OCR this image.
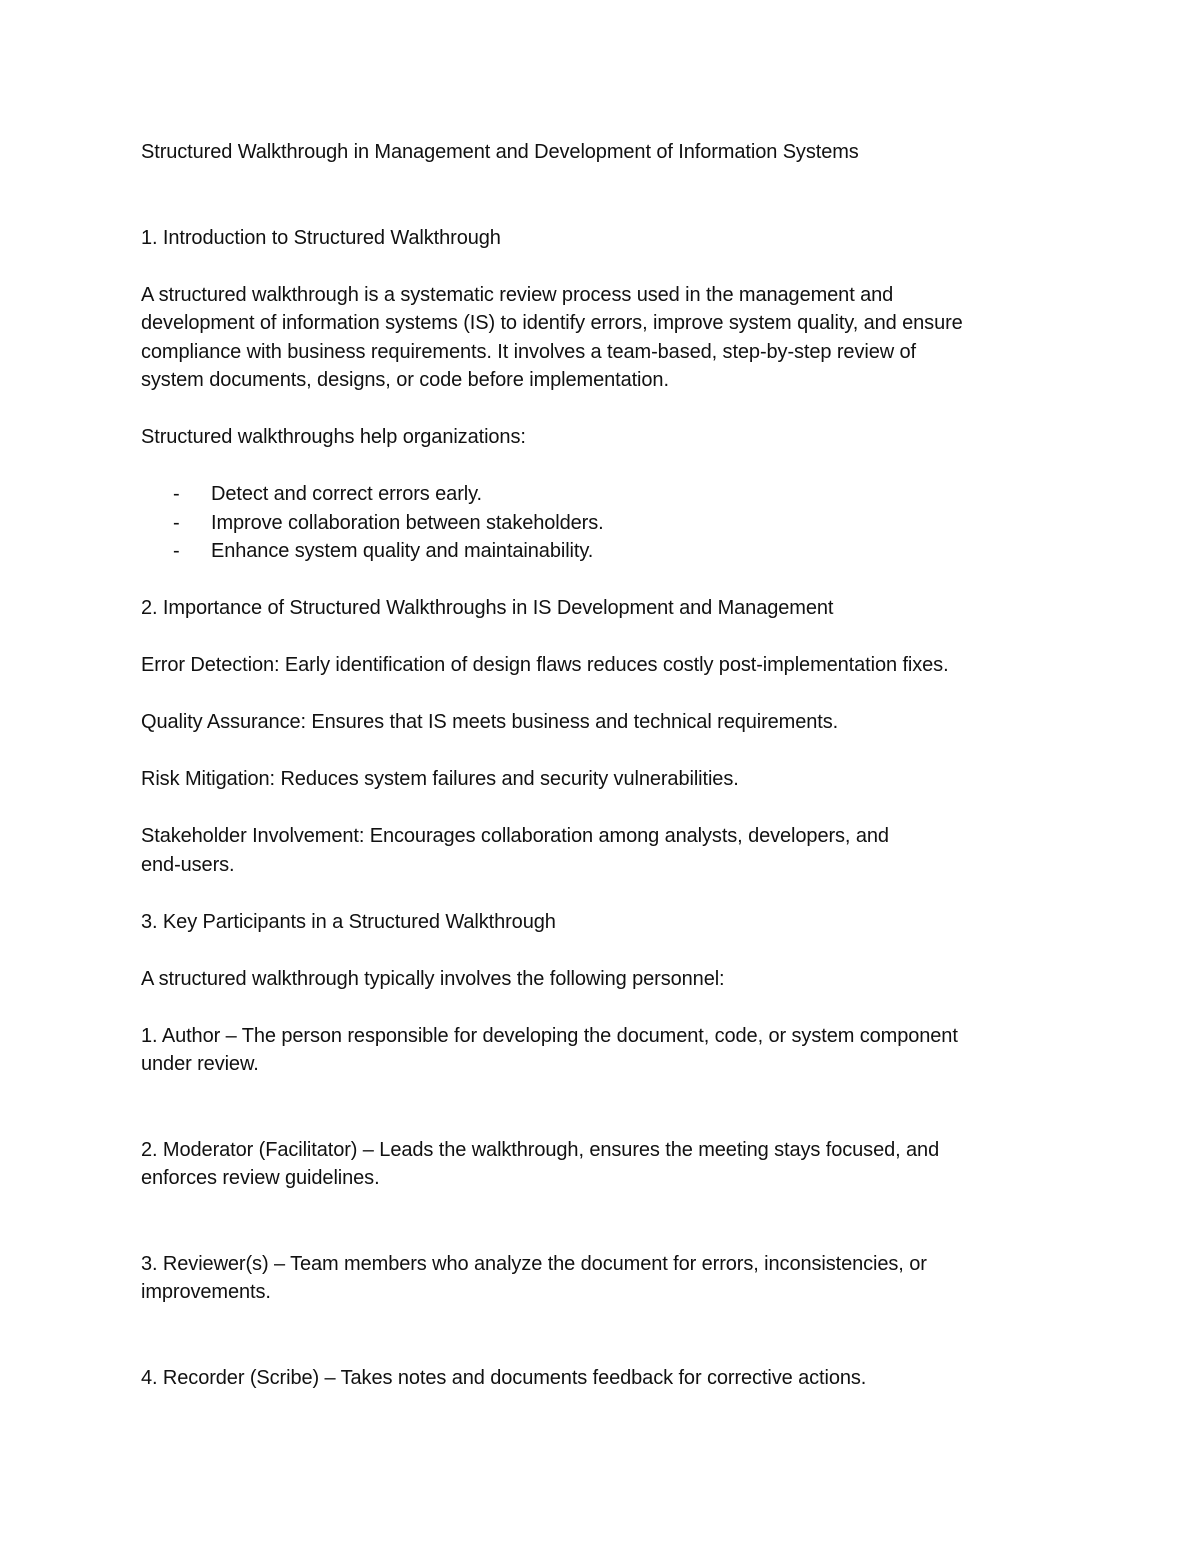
Structured Walkthrough in Management and Development of Information Systems

1. Introduction to Structured Walkthrough

A structured walkthrough is a systematic review process used in the management and

development of information systems (IS) to identify errors, improve system quality, and ensure

compliance with business requirements. It involves a team-based, step-by-step review of

system documents, designs, or code before implementation.

Structured walkthroughs help organizations:

- Detect and correct errors early.
- Improve collaboration between stakeholders.
- Enhance system quality and maintainability.

2. Importance of Structured Walkthroughs in IS Development and Management

Error Detection: Early identification of design flaws reduces costly post-implementation fixes.

Quality Assurance: Ensures that IS meets business and technical requirements.

Risk Mitigation: Reduces system failures and security vulnerabilities.

Stakeholder Involvement: Encourages collaboration among analysts, developers, and

end-users.

3. Key Participants in a Structured Walkthrough

A structured walkthrough typically involves the following personnel:

1. Author – The person responsible for developing the document, code, or system component

under review.

2. Moderator (Facilitator) – Leads the walkthrough, ensures the meeting stays focused, and

enforces review guidelines.

3. Reviewer(s) – Team members who analyze the document for errors, inconsistencies, or

improvements.

4. Recorder (Scribe) – Takes notes and documents feedback for corrective actions.
